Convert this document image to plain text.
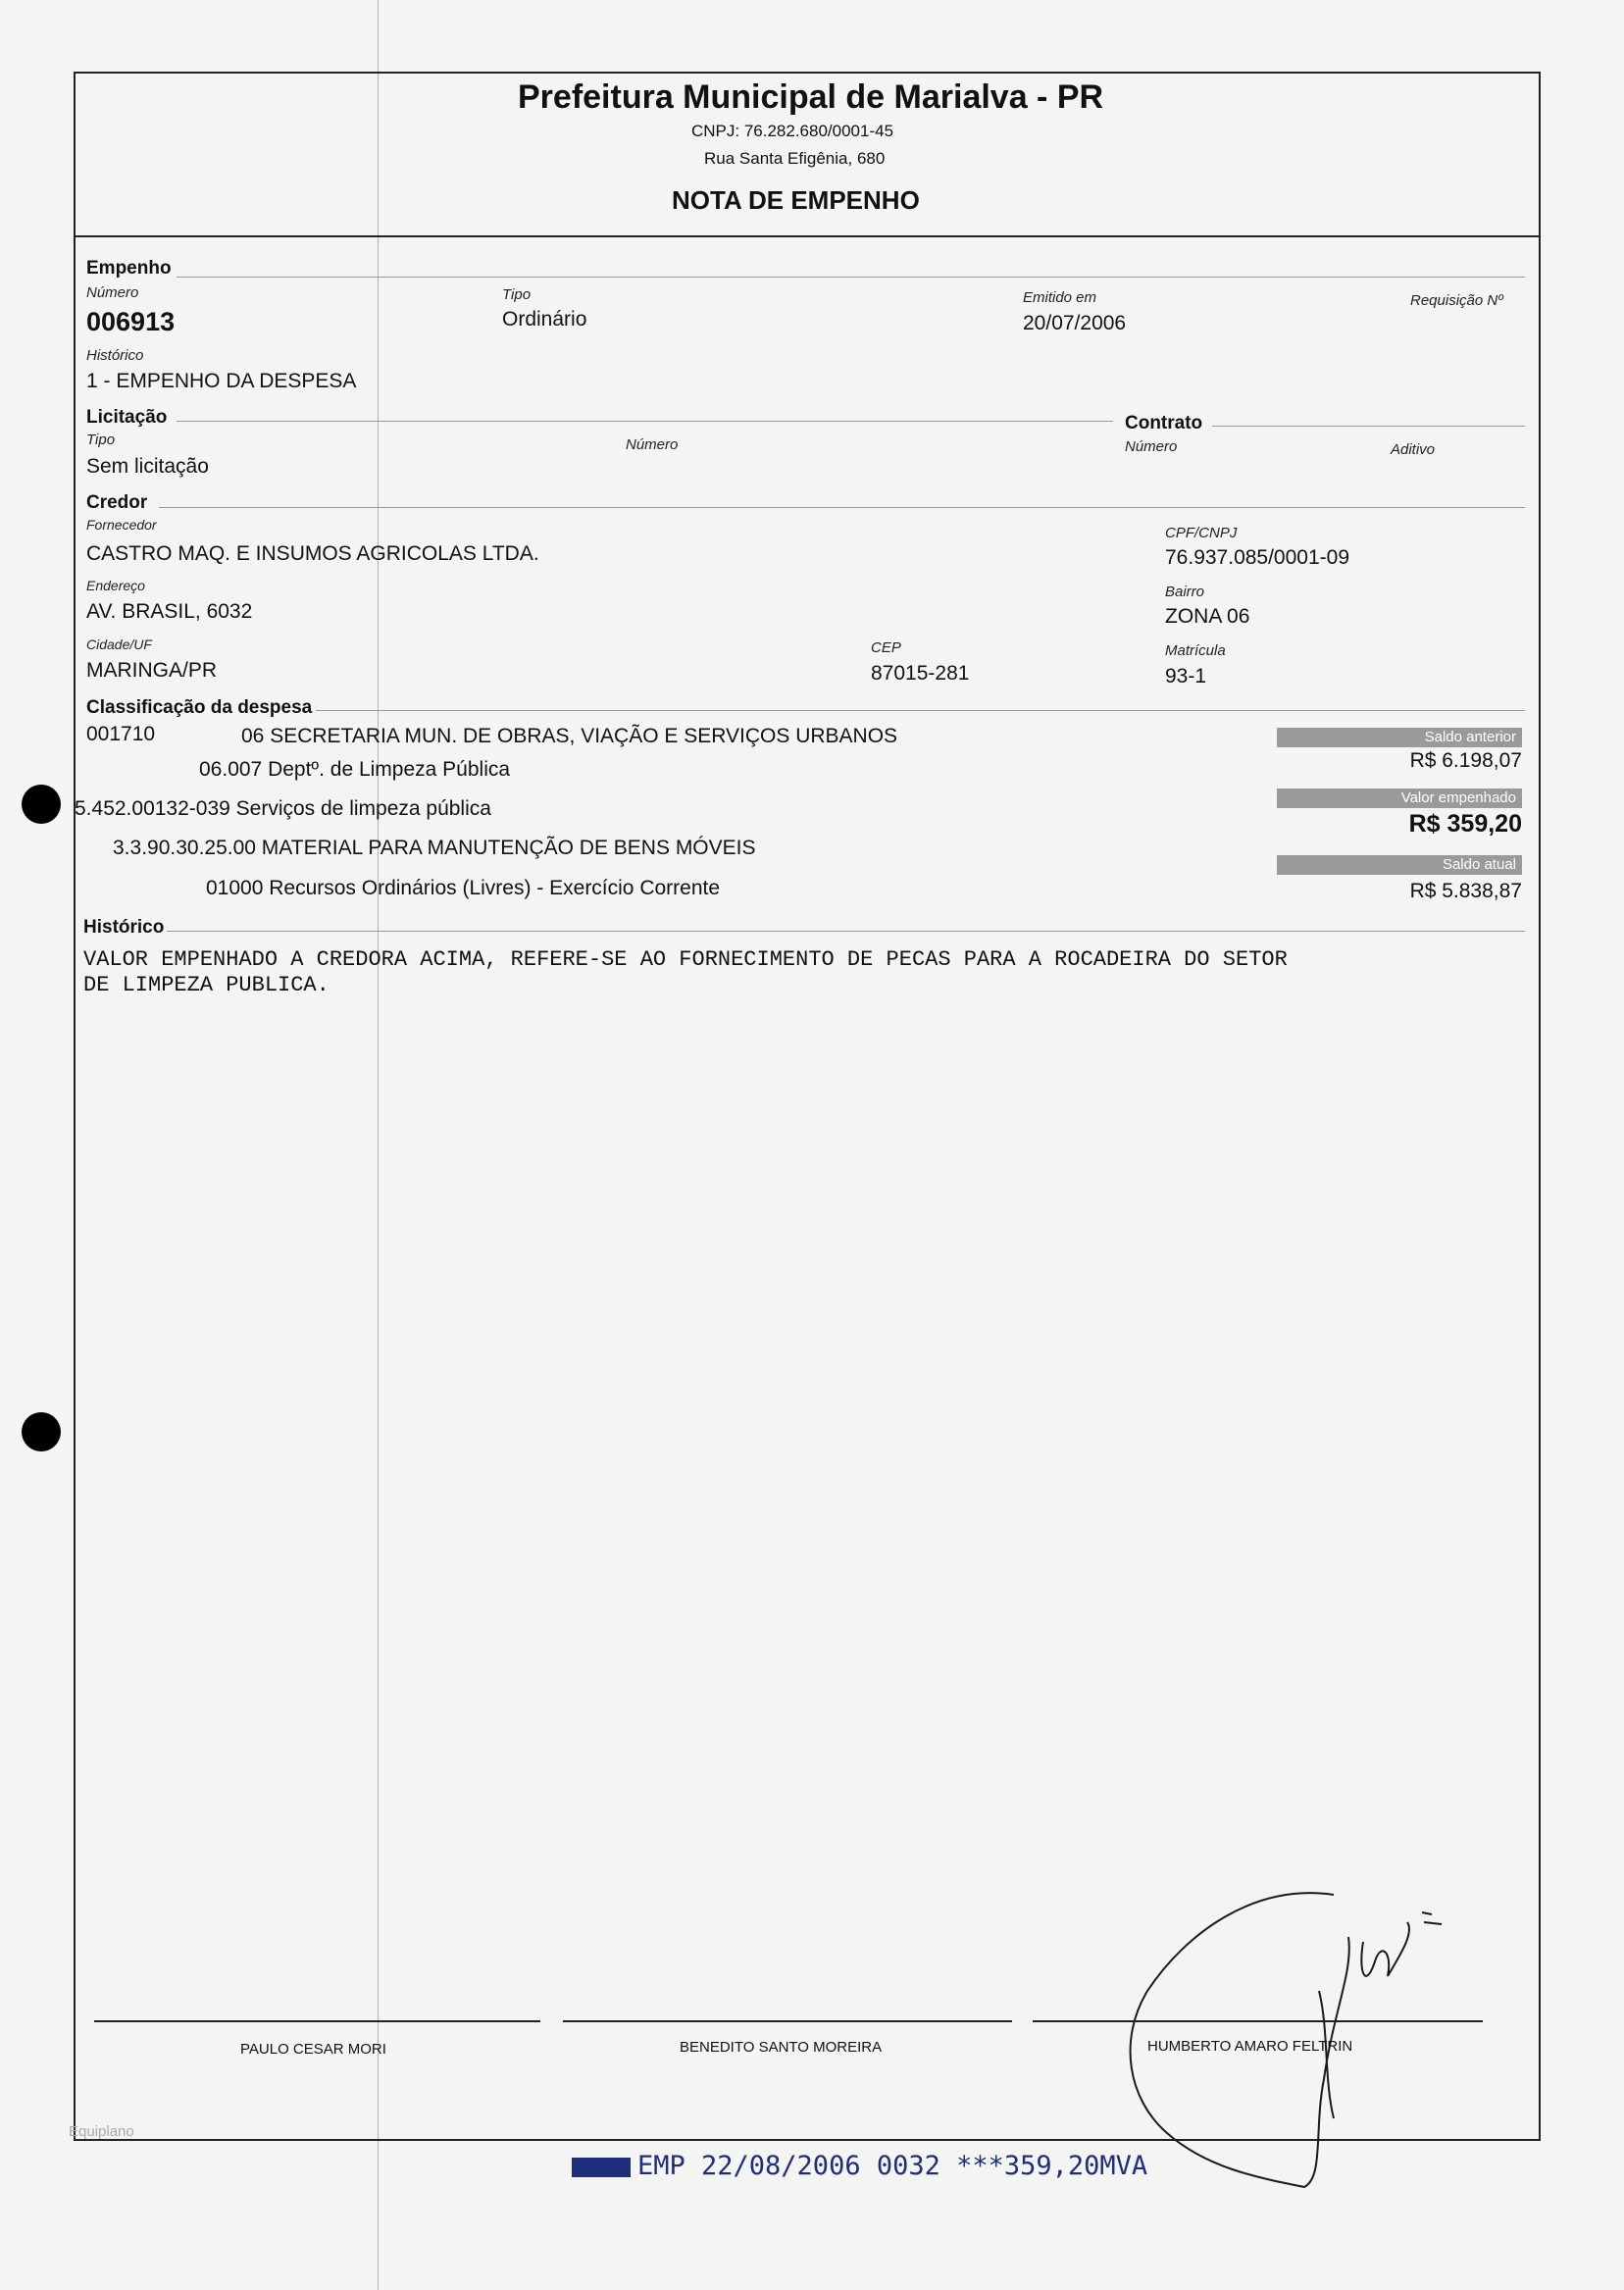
Prefeitura Municipal de Marialva - PR
CNPJ: 76.282.680/0001-45
Rua Santa Efigênia, 680
NOTA DE EMPENHO
Empenho
Número
006913
Tipo
Ordinário
Emitido em
20/07/2006
Requisição Nº
Histórico
1 - EMPENHO DA DESPESA
Licitação
Tipo
Sem licitação
Número
Contrato
Número	Aditivo
Credor
Fornecedor
CASTRO MAQ. E INSUMOS AGRICOLAS LTDA.
CPF/CNPJ
76.937.085/0001-09
Endereço
AV. BRASIL, 6032
Bairro
ZONA 06
Cidade/UF
MARINGA/PR
CEP
87015-281
Matrícula
93-1
Classificação da despesa
001710	06 SECRETARIA MUN. DE OBRAS, VIAÇÃO E SERVIÇOS URBANOS
06.007 Deptº. de Limpeza Pública
5.452.00132-039 Serviços de limpeza pública
3.3.90.30.25.00 MATERIAL PARA MANUTENÇÃO DE BENS MÓVEIS
01000 Recursos Ordinários (Livres) - Exercício Corrente
Saldo anterior
R$ 6.198,07
Valor empenhado
R$ 359,20
Saldo atual
R$ 5.838,87
Histórico
VALOR EMPENHADO A CREDORA ACIMA, REFERE-SE AO FORNECIMENTO DE PECAS PARA A ROCADEIRA DO SETOR
DE LIMPEZA PUBLICA.
PAULO CESAR MORI	BENEDITO SANTO MOREIRA	HUMBERTO AMARO FELTRIN
Equiplano
EMP 22/08/2006 0032 ***359,20MVA
